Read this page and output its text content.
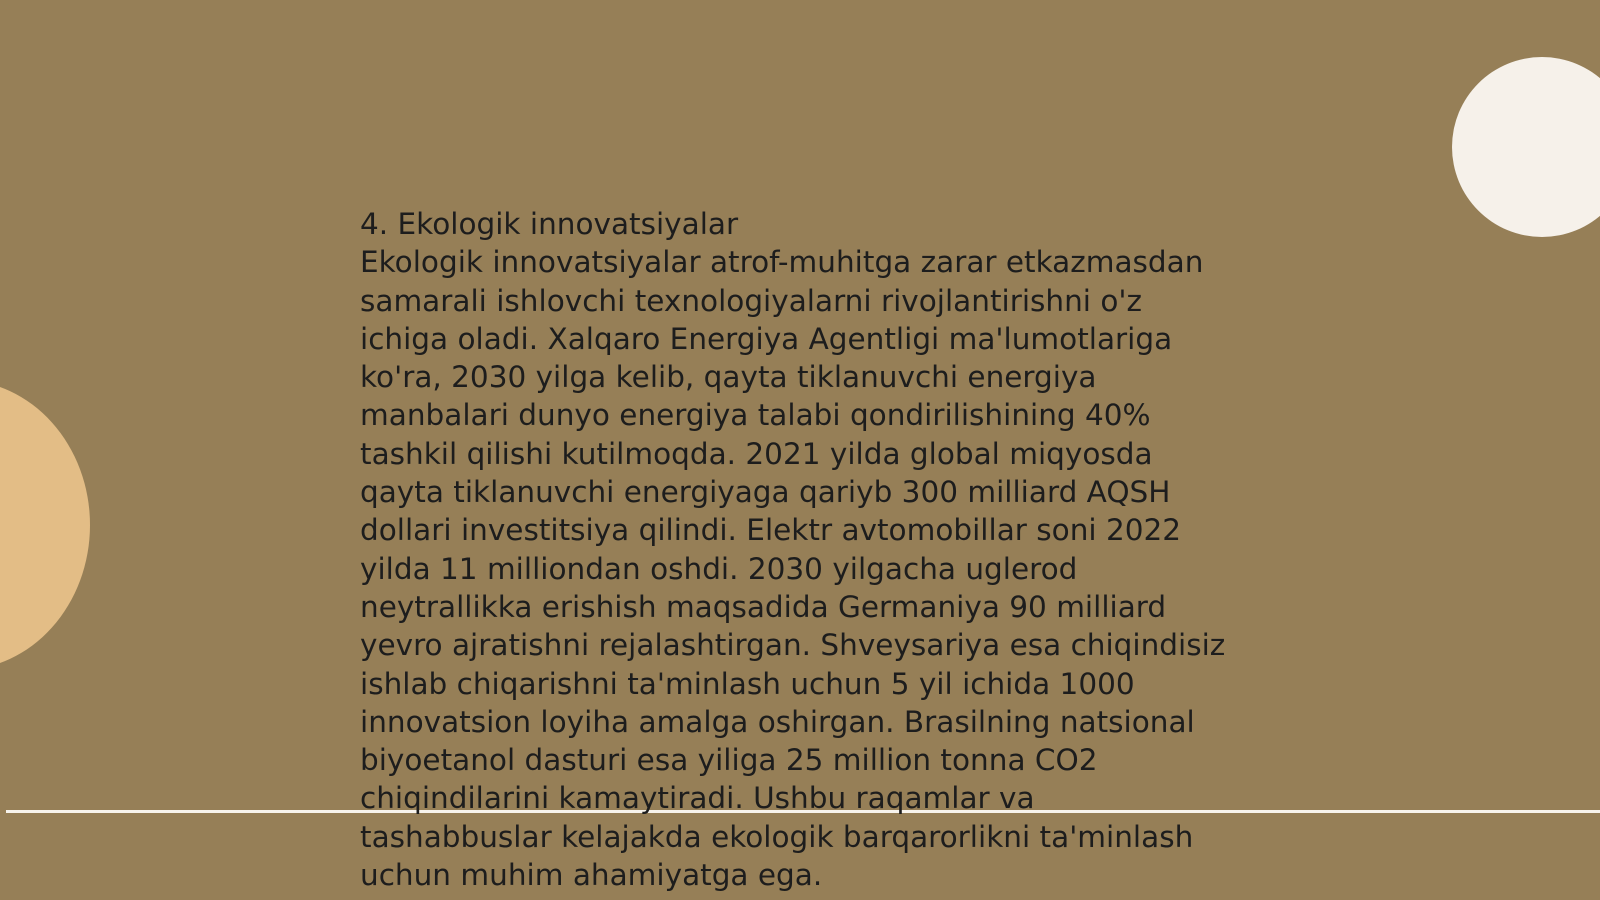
4. Ekologik innovatsiyalar
Ekologik innovatsiyalar atrof-muhitga zarar etkazmasdan
samarali ishlovchi texnologiyalarni rivojlantirishni o'z
ichiga oladi. Xalqaro Energiya Agentligi ma'lumotlariga
ko'ra, 2030 yilga kelib, qayta tiklanuvchi energiya
manbalari dunyo energiya talabi qondirilishining 40%
tashkil qilishi kutilmoqda. 2021 yilda global miqyosda
qayta tiklanuvchi energiyaga qariyb 300 milliard AQSH
dollari investitsiya qilindi. Elektr avtomobillar soni 2022
yilda 11 milliondan oshdi. 2030 yilgacha uglerod
neytrallikka erishish maqsadida Germaniya 90 milliard
yevro ajratishni rejalashtirgan. Shveysariya esa chiqindisiz
ishlab chiqarishni ta'minlash uchun 5 yil ichida 1000
innovatsion loyiha amalga oshirgan. Brasilning natsional
biyoetanol dasturi esa yiliga 25 million tonna CO2
chiqindilarini kamaytiradi. Ushbu raqamlar va
tashabbuslar kelajakda ekologik barqarorlikni ta'minlash
uchun muhim ahamiyatga ega.
